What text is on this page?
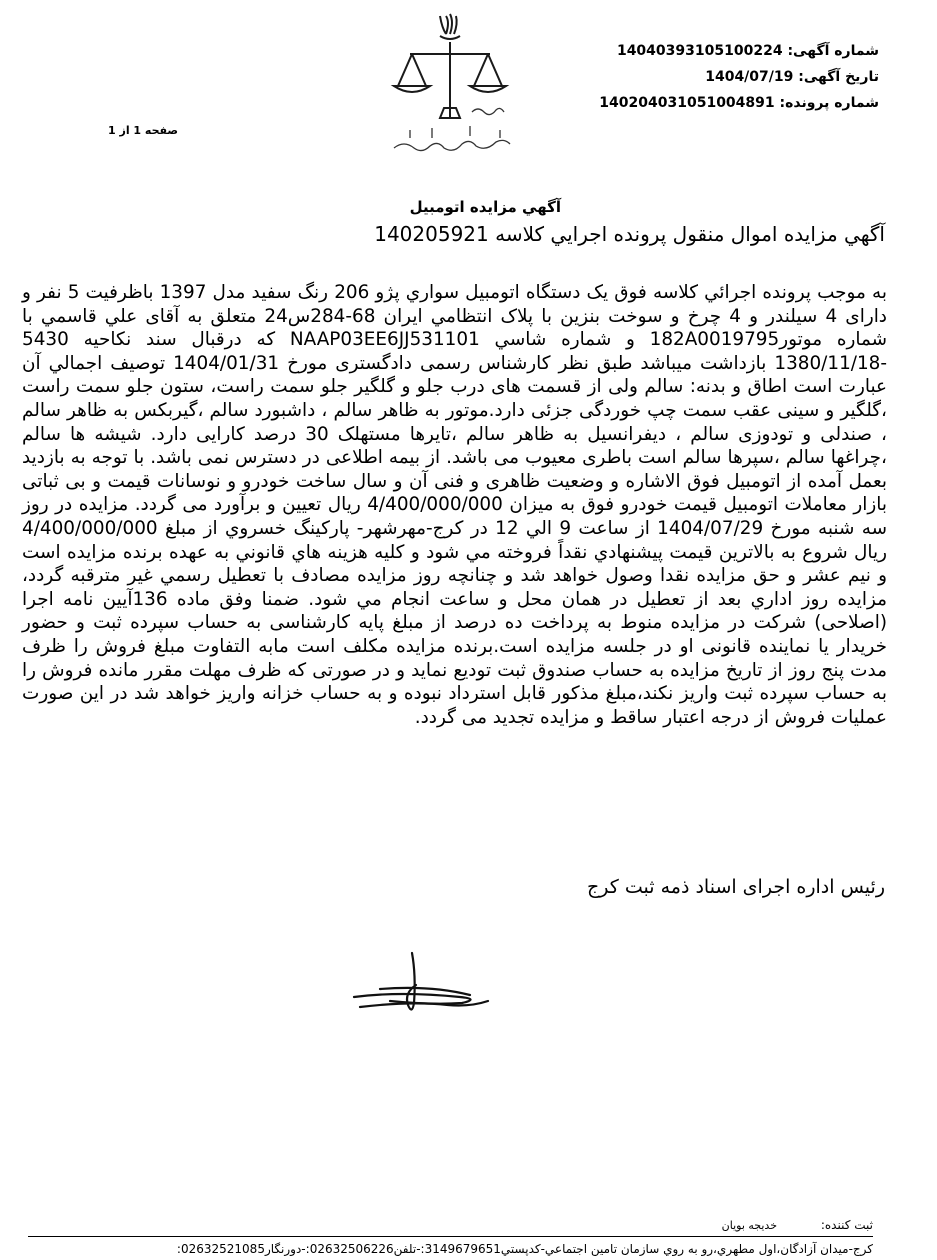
شماره آگهی: 14040393105100224
تاریخ آگهی: 1404/07/19
شماره پرونده: 140204031051004891
صفحه 1 از 1
آگهي مزايده اتومبيل
آگهي مزايده اموال منقول پرونده اجرايي كلاسه 140205921
به موجب پرونده اجرائي كلاسه فوق يک دستگاه اتومبيل سواري پژو 206 رنگ سفيد مدل 1397 باظرفيت 5 نفر و دارای 4 سيلندر و 4 چرخ و سوخت بنزين با پلاک انتظامي ايران 68-284س24 متعلق به آقای علي قاسمي با شماره موتور182A0019795 و شماره شاسي NAAP03EE6JJ531101 كه درقبال سند نكاحيه 5430 -1380/11/18 بازداشت ميباشد طبق نظر كارشناس رسمی دادگستری مورخ 1404/01/31 توصيف اجمالي آن عبارت است اطاق و بدنه: سالم ولی از قسمت های درب جلو و گلگير جلو سمت راست، ستون جلو سمت راست ،گلگير و سينی عقب سمت چپ خوردگی جزئی دارد.موتور به ظاهر سالم ، داشبورد سالم ،گيربكس به ظاهر سالم ، صندلی و تودوزی سالم ، ديفرانسيل به ظاهر سالم ،تايرها مستهلک 30 درصد كارايی دارد. شيشه ها سالم ،چراغها سالم ،سپرها سالم است باطری معيوب می باشد. از بيمه اطلاعی در دسترس نمی باشد. با توجه به بازديد بعمل آمده از اتومبيل فوق الاشاره و وضعيت ظاهری و فنی آن و سال ساخت خودرو و نوسانات قيمت و بی ثباتی بازار معاملات اتومبيل قيمت خودرو فوق به ميزان 4/400/000/000 ريال تعيين و برآورد می گردد. مزايده در روز سه شنبه مورخ 1404/07/29 از ساعت 9 الي 12 در كرج-مهرشهر- پاركينگ خسروي از مبلغ 4/400/000/000 ريال شروع به بالاترين قيمت پيشنهادي نقداً فروخته مي شود و كليه هزينه هاي قانوني به عهده برنده مزايده است و نيم عشر و حق مزايده نقدا وصول خواهد شد و چنانچه روز مزايده مصادف با تعطيل رسمي غير مترقبه گردد، مزايده روز اداري بعد از تعطيل در همان محل و ساعت انجام مي شود. ضمنا وفق ماده 136آيين نامه اجرا (اصلاحی) شركت در مزايده منوط به پرداخت ده درصد از مبلغ پايه كارشناسی به حساب سپرده ثبت و حضور خريدار يا نماينده قانونی او در جلسه مزايده است.برنده مزايده مكلف است مابه التفاوت مبلغ فروش را ظرف مدت پنج روز از تاريخ مزايده به حساب صندوق ثبت توديع نمايد و در صورتی كه ظرف مهلت مقرر مانده فروش را به حساب سپرده ثبت واريز نكند،مبلغ مذكور قابل استرداد نبوده و به حساب خزانه واريز خواهد شد در اين صورت عمليات فروش از درجه اعتبار ساقط و مزايده تجديد می گردد.
رئيس اداره اجرای اسناد ذمه ثبت كرج
ثبت کننده: خديجه بويان
كرج-ميدان آزادگان،اول مطهري،رو به روي سازمان تامين اجتماعي-كدپستي3149679651:-تلفن02632506226:-دورنگار02632521085:
